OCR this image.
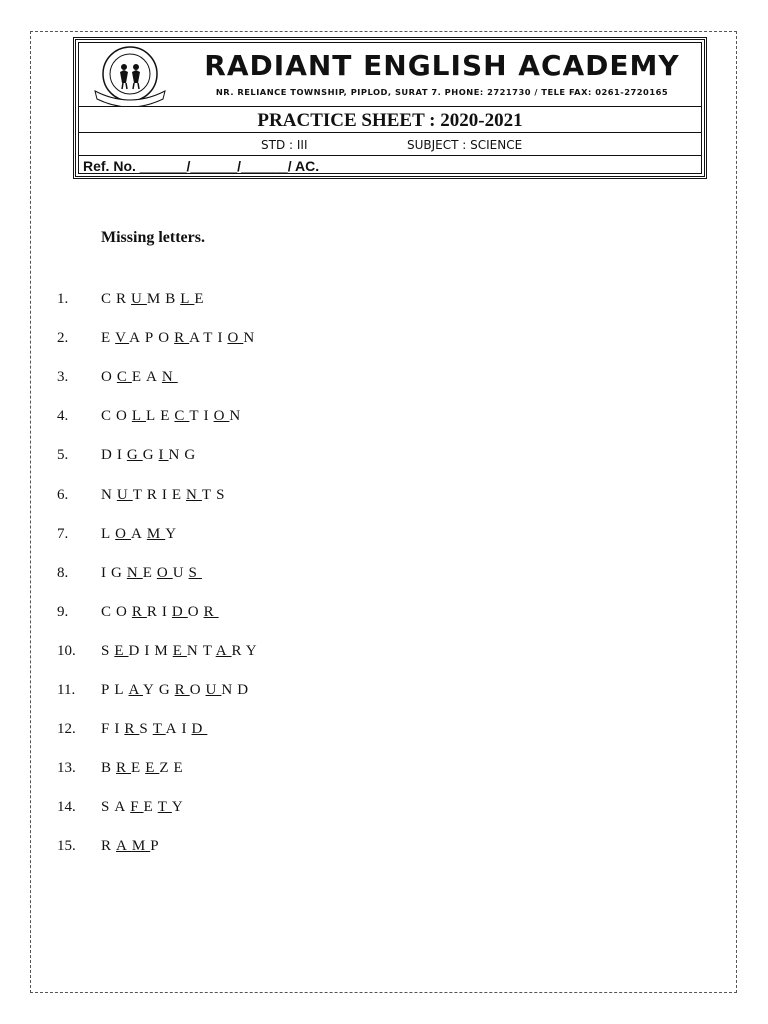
RADIANT ENGLISH ACADEMY
NR. RELIANCE TOWNSHIP, PIPLOD, SURAT 7. PHONE: 2721730 / TELE FAX: 0261-2720165
PRACTICE SHEET : 2020-2021
STD : III	SUBJECT : SCIENCE
Ref. No. ______/______/______/ AC.
Missing letters.
1. CRUMBLE
2. EVAPORATION
3. OCEAN
4. COLLECTION
5. DIGGING
6. NUTRIENTS
7. LOAMY
8. IGNEOUS
9. CORRIDOR
10. SEDIMENTARY
11. PLAYGROUND
12. FIRSTAID
13. BREEZE
14. SAFETY
15. RAMP
